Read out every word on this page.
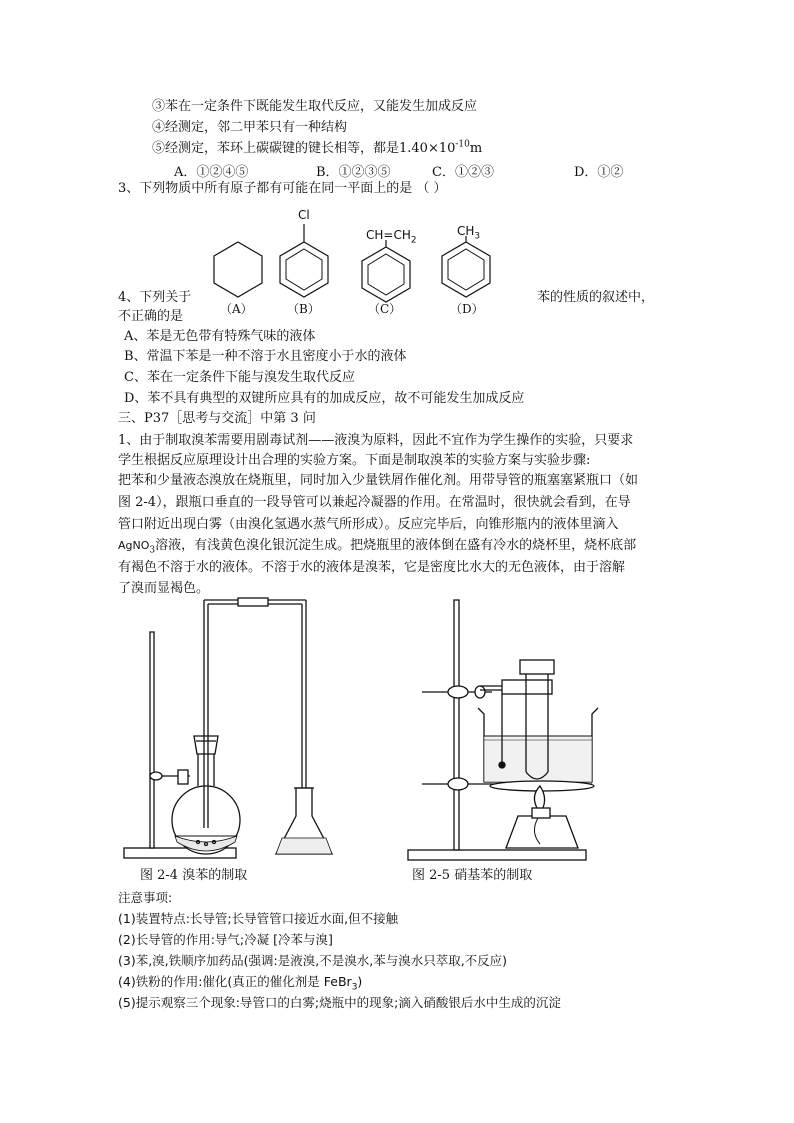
③苯在一定条件下既能发生取代反应，又能发生加成反应
④经测定，邻二甲苯只有一种结构
⑤经测定，苯环上碳碳键的键长相等，都是$1.40\times 10^{-10}m$
A．①②④⑤	B．①②③⑤	C．①②③	D．①②
3、下列物质中所有原子都有可能在同一平面上的是 （ ）
Cl
$CH=CH_2$
$CH_3$
（A）	（B）	（C）	（D）
4、下列关于	苯的性质的叙述中，
不正确的是
A、苯是无色带有特殊气味的液体
B、常温下苯是一种不溶于水且密度小于水的液体
C、苯在一定条件下能与溴发生取代反应
D、苯不具有典型的双键所应具有的加成反应，故不可能发生加成反应
三、P37［思考与交流］中第 3 问
1、由于制取溴苯需要用剧毒试剂——液溴为原料，因此不宜作为学生操作的实验，只要求
学生根据反应原理设计出合理的实验方案。下面是制取溴苯的实验方案与实验步骤:
把苯和少量液态溴放在烧瓶里，同时加入少量铁屑作催化剂。用带导管的瓶塞塞紧瓶口（如
图 2-4），跟瓶口垂直的一段导管可以兼起冷凝器的作用。在常温时，很快就会看到，在导
管口附近出现白雾（由溴化氢遇水蒸气所形成）。反应完毕后，向锥形瓶内的液体里滴入
AgNO$_3$溶液，有浅黄色溴化银沉淀生成。把烧瓶里的液体倒在盛有冷水的烧杯里，烧杯底部
有褐色不溶于水的液体。不溶于水的液体是溴苯，它是密度比水大的无色液体，由于溶解
了溴而显褐色。
图 2-4 溴苯的制取	图 2-5 硝基苯的制取
注意事项:
(1)装置特点:长导管;长导管管口接近水面,但不接触
(2)长导管的作用:导气;冷凝 [冷苯与溴]
(3)苯,溴,铁顺序加药品(强调:是液溴,不是溴水,苯与溴水只萃取,不反应)
(4)铁粉的作用:催化(真正的催化剂是 FeBr$_3$)
(5)提示观察三个现象:导管口的白雾;烧瓶中的现象;滴入硝酸银后水中生成的沉淀
